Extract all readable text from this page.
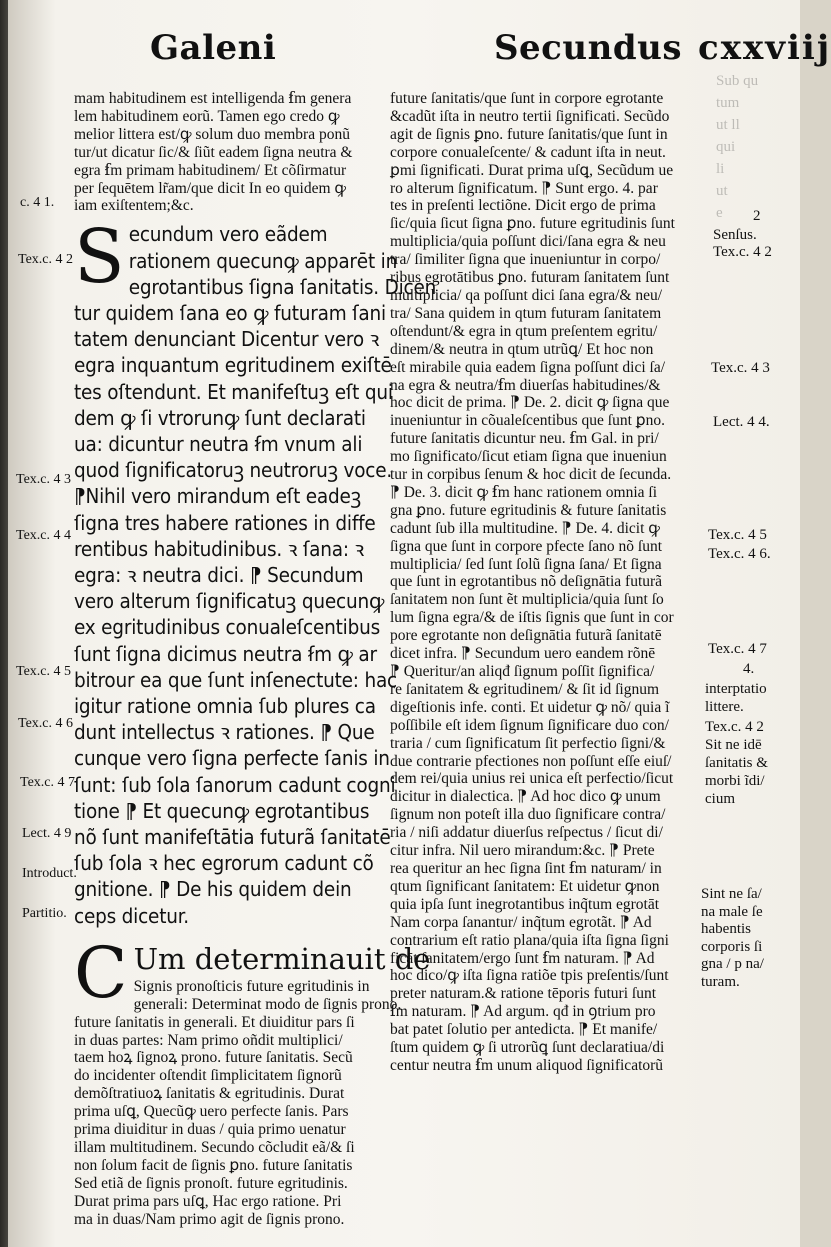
Sub qu
tum
ut ll
qui
li
ut
e
Galeni	Secundus cxxviij
mam habitudinem est intelligenda ẜm genera
lem habitudinem eorũ. Tamen ego credo ꝙ
melior littera est/ꝙ solum duo membra ponũ
tur/ut dicatur ſic/& ſiũt eadem ſigna neutra &
egra ẜm primam habitudinem/ Et cõſirmatur
per ſequētem lr̃am/que dicit In eo quidem ꝙ
iam exiſtentem;&c.
S ecundum vero eãdem
rationem quecunꝙ apparēt in
egrotantibus ſigna ſanitatis. Dicen
tur quidem ſana eo ꝙ futuram ſani
tatem denunciant Dicentur vero ꝛ
egra inquantum egritudinem exiſtē
tes oſtendunt. Et manifeſtuꝫ eſt qui
dem ꝙ ſi vtrorunꝙ ſunt declarati
ua: dicuntur neutra ẜm vnum ali
quod ſignificatoruꝫ neutroruꝫ voce.
⁋Nihil vero mirandum eſt eadeꝫ
ſigna tres habere rationes in diffe
rentibus habitudinibus. ꝛ ſana: ꝛ
egra: ꝛ neutra dici. ⁋ Secundum
vero alterum ſignificatuꝫ quecunꝙ
ex egritudinibus conualeſcentibus
ſunt ſigna dicimus neutra ẜm ꝙ ar
bitrour ea que ſunt inſenectute: hac
igitur ratione omnia ſub plures ca
dunt intellectus ꝛ rationes. ⁋ Que
cunque vero ſigna perfecte ſanis in
ſunt: ſub ſola ſanorum cadunt cogni
tione ⁋ Et quecunꝙ egrotantibus
nõ ſunt manifeſtātia futurã ſanitatē
ſub ſola ꝛ hec egrorum cadunt cõ
gnitione. ⁋ De his quidem dein
ceps dicetur.
C Um determinauit de
Signis pronoſticis future egritudinis in
generali: Determinat modo de ſignis prono.
future ſanitatis in generali. Et diuiditur pars ſi
in duas partes: Nam primo oñdit multiplici/
taem hoꝝ ſignoꝝ prono. future ſanitatis. Secũ
do incidenter oſtendit ſimplicitatem ſignorũ
demõſtratiuoꝝ ſanitatis & egritudinis. Durat
prima uſꝗ, Quecũꝙ uero perfecte ſanis. Pars
prima diuiditur in duas / quia primo uenatur
illam multitudinem. Secundo cõcludit eã/& ſi
non ſolum facit de ſignis ꝑno. future ſanitatis
Sed etiã de ſignis pronoſt. future egritudinis.
Durat prima pars uſꝗ, Hac ergo ratione. Pri
ma in duas/Nam primo agit de ſignis prono.
future ſanitatis/que ſunt in corpore egrotante
&cadũt iſta in neutro tertii ſignificati. Secũdo
agit de ſignis ꝑno. future ſanitatis/que ſunt in
corpore conualeſcente/ & cadunt iſta in neut.
ꝑmi ſignificati. Durat prima uſꝗ, Secũdum ue
ro alterum ſignificatum. ⁋ Sunt ergo. 4. par
tes in preſenti lectiõne. Dicit ergo de prima
ſic/quia ſicut ſigna ꝑno. future egritudinis ſunt
multiplicia/quia poſſunt dici/ſana egra & neu
tra/ ſimiliter ſigna que inueniuntur in corpo/
ribus egrotātibus ꝑno. futuram ſanitatem ſunt
multiplicia/ qa poſſunt dici ſana egra/& neu/
tra/ Sana quidem in qtum futuram ſanitatem
oſtendunt/& egra in qtum preſentem egritu/
dinem/& neutra in qtum utrũꝗ/ Et hoc non
eſt mirabile quia eadem ſigna poſſunt dici ſa/
na egra & neutra/ẜm diuerſas habitudines/&
hoc dicit de prima. ⁋ De. 2. dicit ꝙ ſigna que
inueniuntur in cõualeſcentibus que ſunt ꝑno.
future ſanitatis dicuntur neu. ẜm Gal. in pri/
mo ſignificato/ſicut etiam ſigna que inueniun
tur in corpibus ſenum & hoc dicit de ſecunda.
⁋ De. 3. dicit ꝙ ẜm hanc rationem omnia ſi
gna ꝑno. future egritudinis & future ſanitatis
cadunt ſub illa multitudine. ⁋ De. 4. dicit ꝙ
ſigna que ſunt in corpore pfecte ſano nõ ſunt
multiplicia/ ſed ſunt ſolũ ſigna ſana/ Et ſigna
que ſunt in egrotantibus nõ deſignātia futurã
ſanitatem non ſunt ẽt multiplicia/quia ſunt ſo
lum ſigna egra/& de iſtis ſignis que ſunt in cor
pore egrotante non deſignātia futurã ſanitatē
dicet infra. ⁋ Secundum uero eandem rõnē
⁋ Queritur/an aliqđ ſignum poſſit ſignifica/
re ſanitatem & egritudinem/ & ſit id ſignum
digeſtionis infe. conti. Et uidetur ꝙ nõ/ quia ĩ
poſſibile eſt idem ſignum ſignificare duo con/
traria / cum ſignificatum ſit perfectio ſigni/&
due contrarie pfectiones non poſſunt eſſe eiuſ/
dem rei/quia unius rei unica eſt perfectio/ſicut
dicitur in dialectica. ⁋ Ad hoc dico ꝙ unum
ſignum non poteſt illa duo ſignificare contra/
ria / niſi addatur diuerſus reſpectus / ſicut di/
citur infra. Nil uero mirandum:&c. ⁋ Prete
rea queritur an hec ſigna ſint ẜm naturam/ in
qtum ſignificant ſanitatem: Et uidetur ꝙnon
quia ipſa ſunt inegrotantibus inq̃tum egrotāt
Nam corpa ſanantur/ inq̃tum egrotãt. ⁋ Ad
contrarium eſt ratio plana/quia iſta ſigna ſigni
ficāt ſanitatem/ergo ſunt ẜm naturam. ⁋ Ad
hoc dico/ꝙ iſta ſigna ratiõe tpis preſentis/ſunt
preter naturam.& ratione tēporis futuri ſunt
ẜm naturam. ⁋ Ad argum. qđ in ꝯtrium pro
bat patet ſolutio per antedicta. ⁋ Et manife/
ſtum quidem ꝙ ſi utrorũꝗ ſunt declaratiua/di
centur neutra ẜm unum aliquod ſignificatorũ
Sint ne ſa/
na male ſe
habentis
corporis ſi
gna / p na/
turam.
c. 4 1.
Tex.c. 4 2
Tex.c. 4 3
Tex.c. 4 4
Tex.c. 4 5
Tex.c. 4 6
Tex.c. 4 7
Lect. 4 9
Introduct.
Partitio.
2
Senſus.
Tex.c. 4 2
Tex.c. 4 3
Lect. 4 4.
Tex.c. 4 5
Tex.c. 4 6.
Tex.c. 4 7
4.
interptatio
littere.
Tex.c. 4 2
Sit ne idē
ſanitatis &
morbi ĩdi/
cium
